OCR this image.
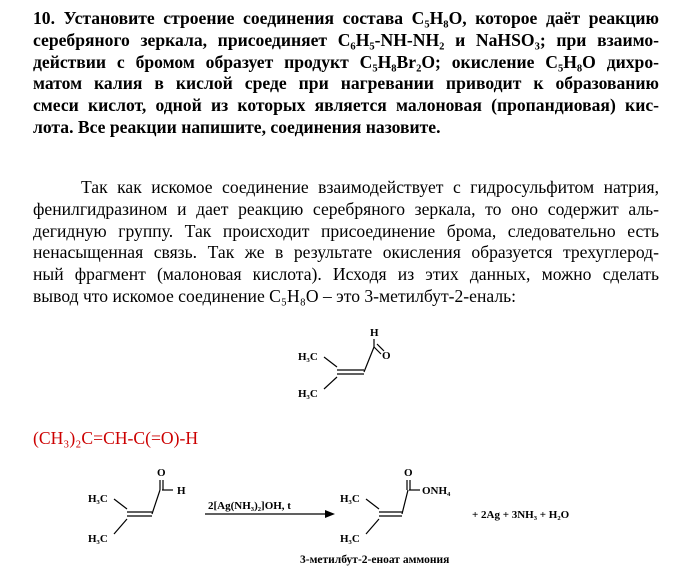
10. Установите строение соединения состава C₅H₈O, которое даёт реакцию
серебряного зеркала, присоединяет C₆H₅-NH-NH₂ и NaHSO₃; при взаимо-
действии с бромом образует продукт C₅H₈Br₂O; окисление C₅H₈O дихро-
матом калия в кислой среде при нагревании приводит к образованию
смеси кислот, одной из которых является малоновая (пропандиовая) кис-
лота. Все реакции напишите, соединения назовите.
Так как искомое соединение взаимодействует с гидросульфитом натрия,
фенилгидразином и дает реакцию серебряного зеркала, то оно содержит аль-
дегидную группу. Так происходит присоединение брома, следовательно есть
ненасыщенная связь. Так же в результате окисления образуется трехуглерод-
ный фрагмент (малоновая кислота). Исходя из этих данных, можно сделать
вывод что искомое соединение C₅H₈O – это 3-метилбут-2-еналь:
H
O
H₃C
H₃C
(CH₃)₂C=CH-C(=O)-H
O
H
H₃C
H₃C
2[Ag(NH₃)₂]OH, t
O
ONH₄
H₃C
H₃C
+ 2Ag + 3NH₃ + H₂O
3-метилбут-2-еноат аммония
